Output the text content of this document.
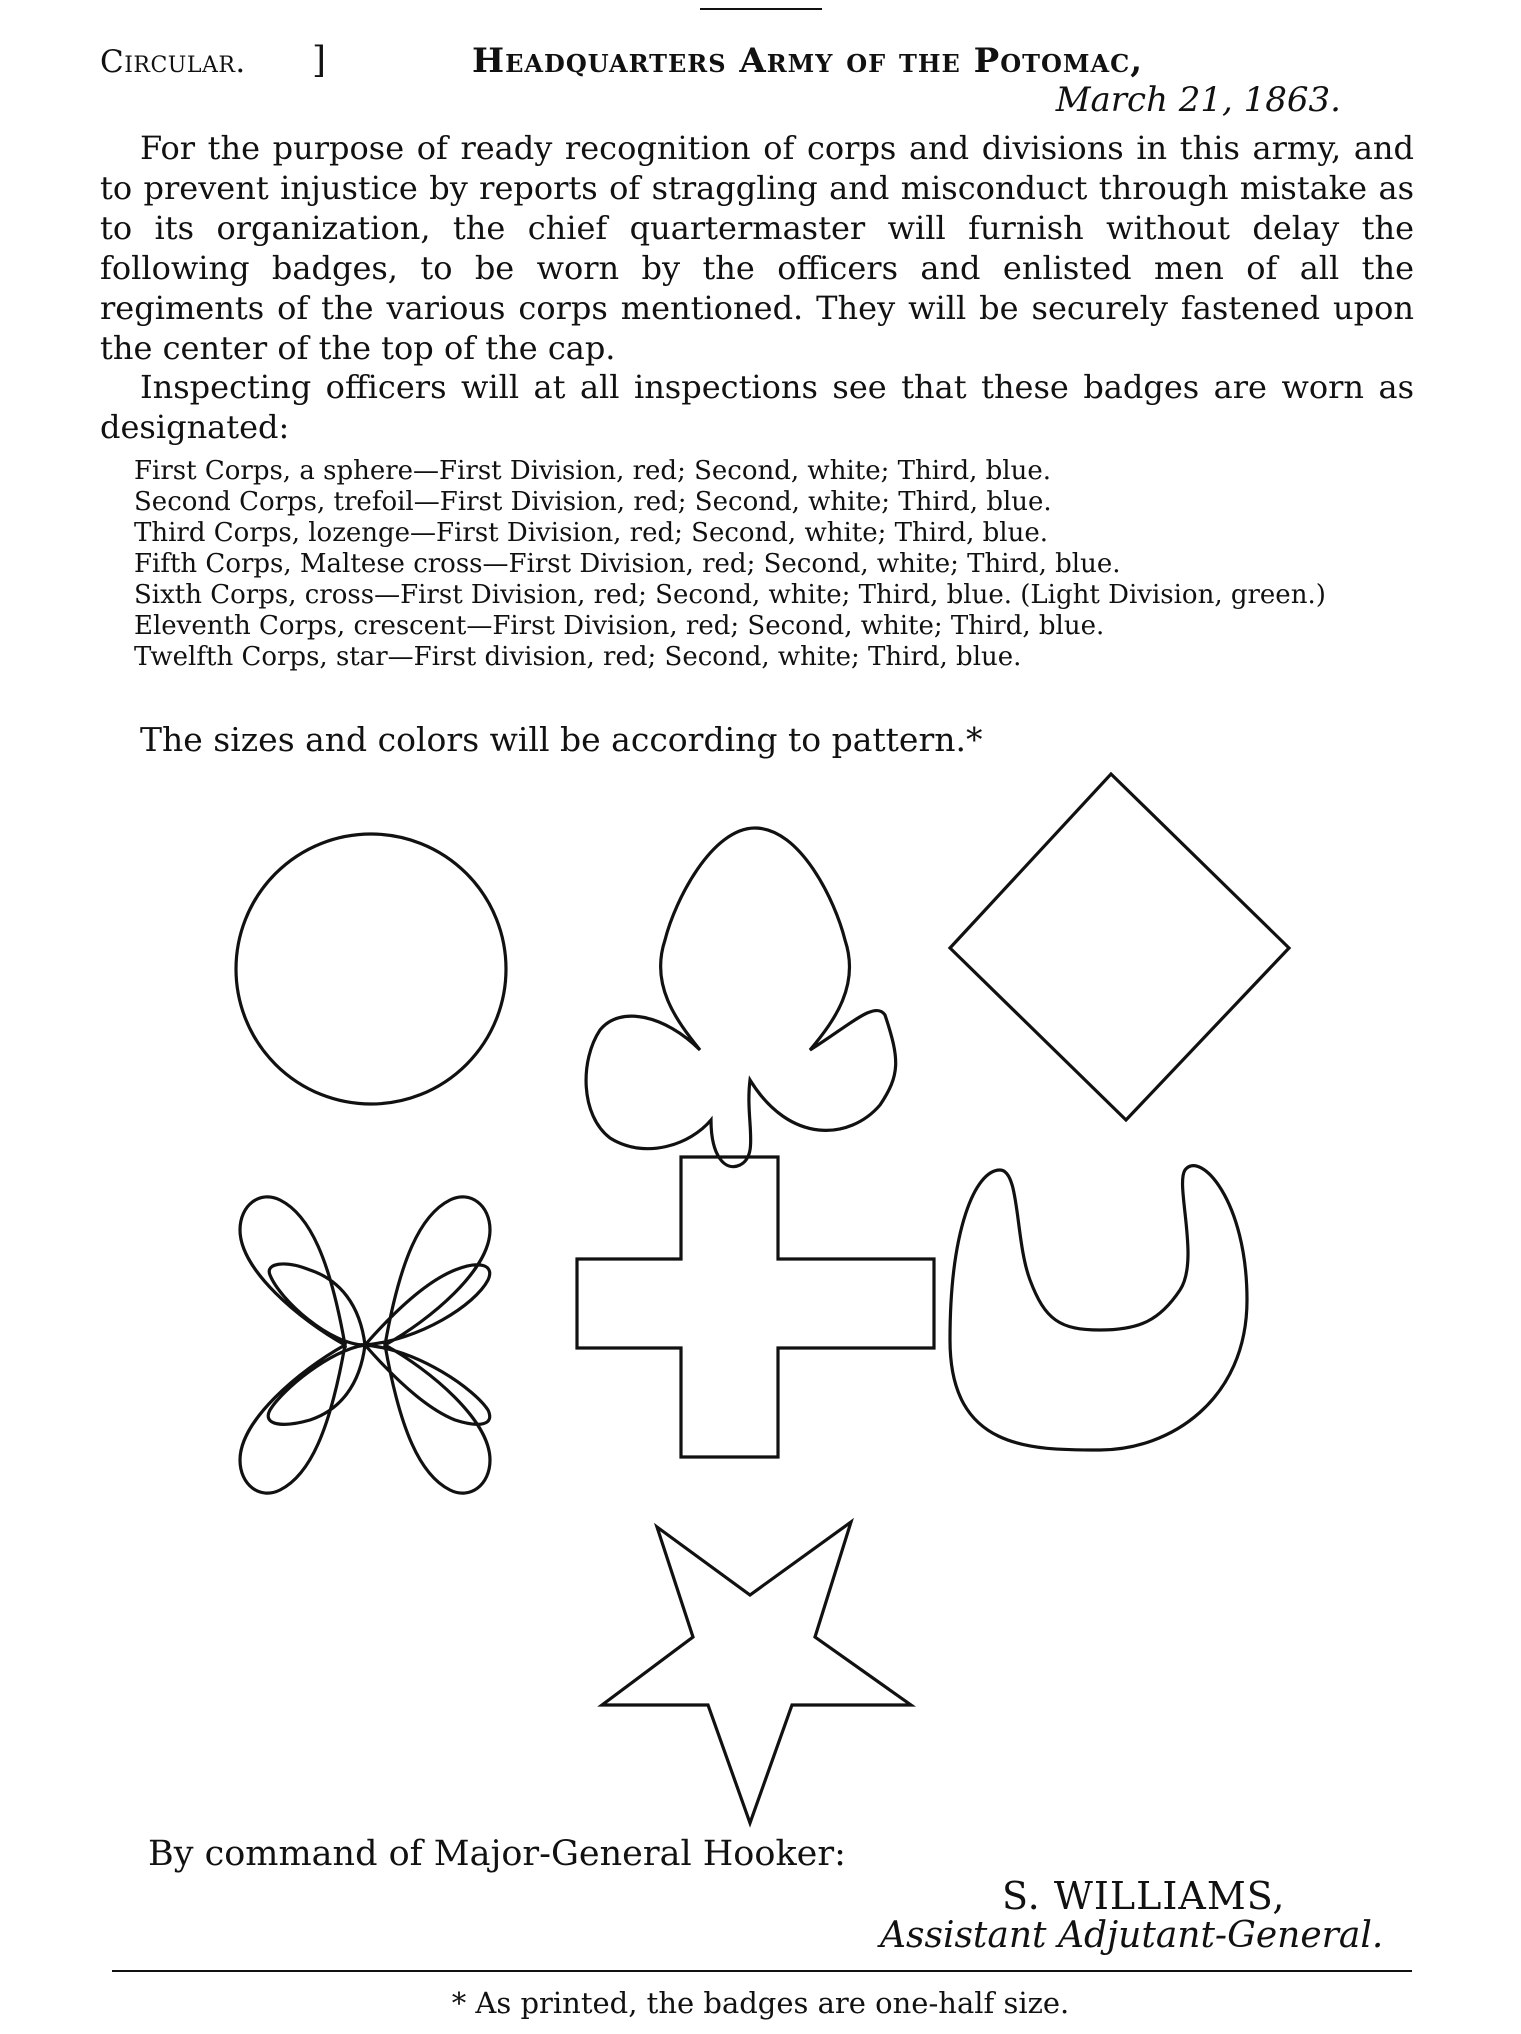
Circular. ]	Headquarters Army of the Potomac,
March 21, 1863.

For the purpose of ready recognition of corps and divisions in this army, and to prevent injustice by reports of straggling and misconduct through mistake as to its organization, the chief quartermaster will furnish without delay the following badges, to be worn by the officers and enlisted men of all the regiments of the various corps mentioned. They will be securely fastened upon the center of the top of the cap.

Inspecting officers will at all inspections see that these badges are worn as designated:

First Corps, a sphere—First Division, red; Second, white; Third, blue.
Second Corps, trefoil—First Division, red; Second, white; Third, blue.
Third Corps, lozenge—First Division, red; Second, white; Third, blue.
Fifth Corps, Maltese cross—First Division, red; Second, white; Third, blue.
Sixth Corps, cross—First Division, red; Second, white; Third, blue. (Light Division, green.)
Eleventh Corps, crescent—First Division, red; Second, white; Third, blue.
Twelfth Corps, star—First division, red; Second, white; Third, blue.
The sizes and colors will be according to pattern.*
By command of Major-General Hooker:
S. WILLIAMS,
Assistant Adjutant-General.
* As printed, the badges are one-half size.
